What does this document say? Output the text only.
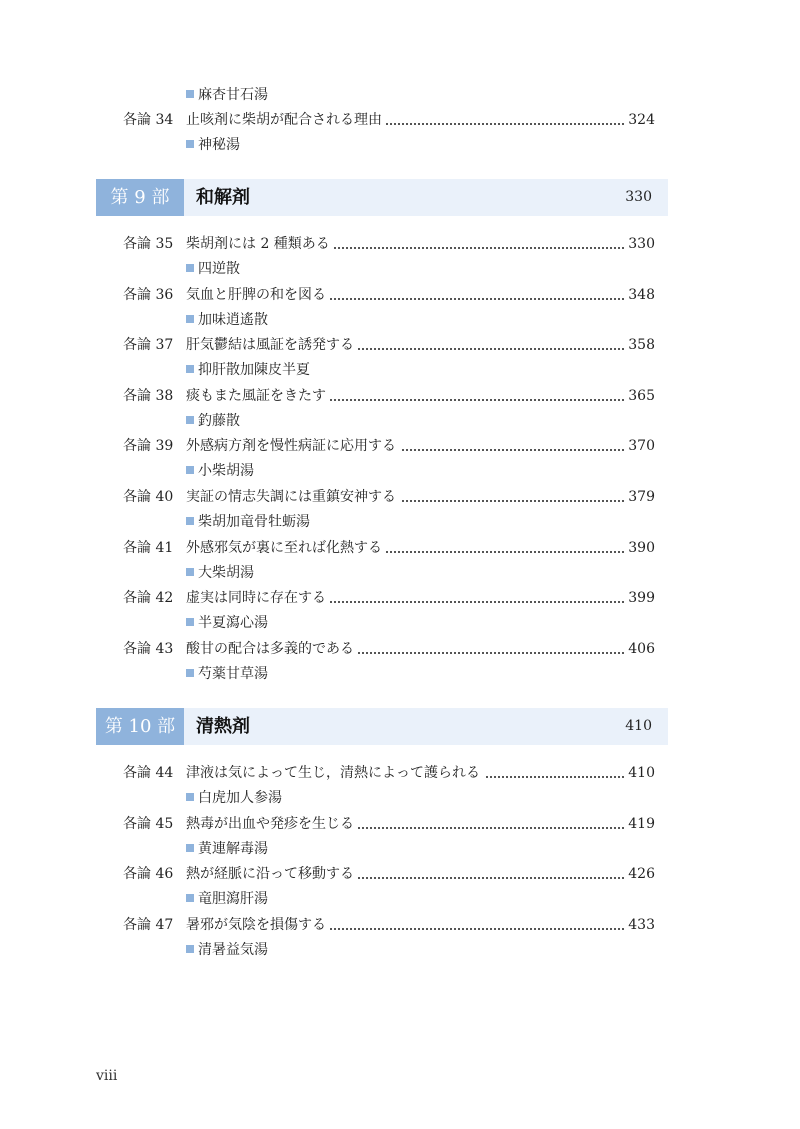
麻杏甘石湯
各論 34 止咳剤に柴胡が配合される理由	324
神秘湯
第 9 部	和解剤	330
各論 35 柴胡剤には 2 種類ある	330
四逆散
各論 36 気血と肝脾の和を図る	348
加味逍遙散
各論 37 肝気鬱結は風証を誘発する	358
抑肝散加陳皮半夏
各論 38 痰もまた風証をきたす	365
釣藤散
各論 39 外感病方剤を慢性病証に応用する	370
小柴胡湯
各論 40 実証の情志失調には重鎮安神する	379
柴胡加竜骨牡蛎湯
各論 41 外感邪気が裏に至れば化熱する	390
大柴胡湯
各論 42 虚実は同時に存在する	399
半夏瀉心湯
各論 43 酸甘の配合は多義的である	406
芍薬甘草湯
第 10 部	清熱剤	410
各論 44 津液は気によって生じ，清熱によって護られる	410
白虎加人参湯
各論 45 熱毒が出血や発疹を生じる	419
黄連解毒湯
各論 46 熱が経脈に沿って移動する	426
竜胆瀉肝湯
各論 47 暑邪が気陰を損傷する	433
清暑益気湯
viii
